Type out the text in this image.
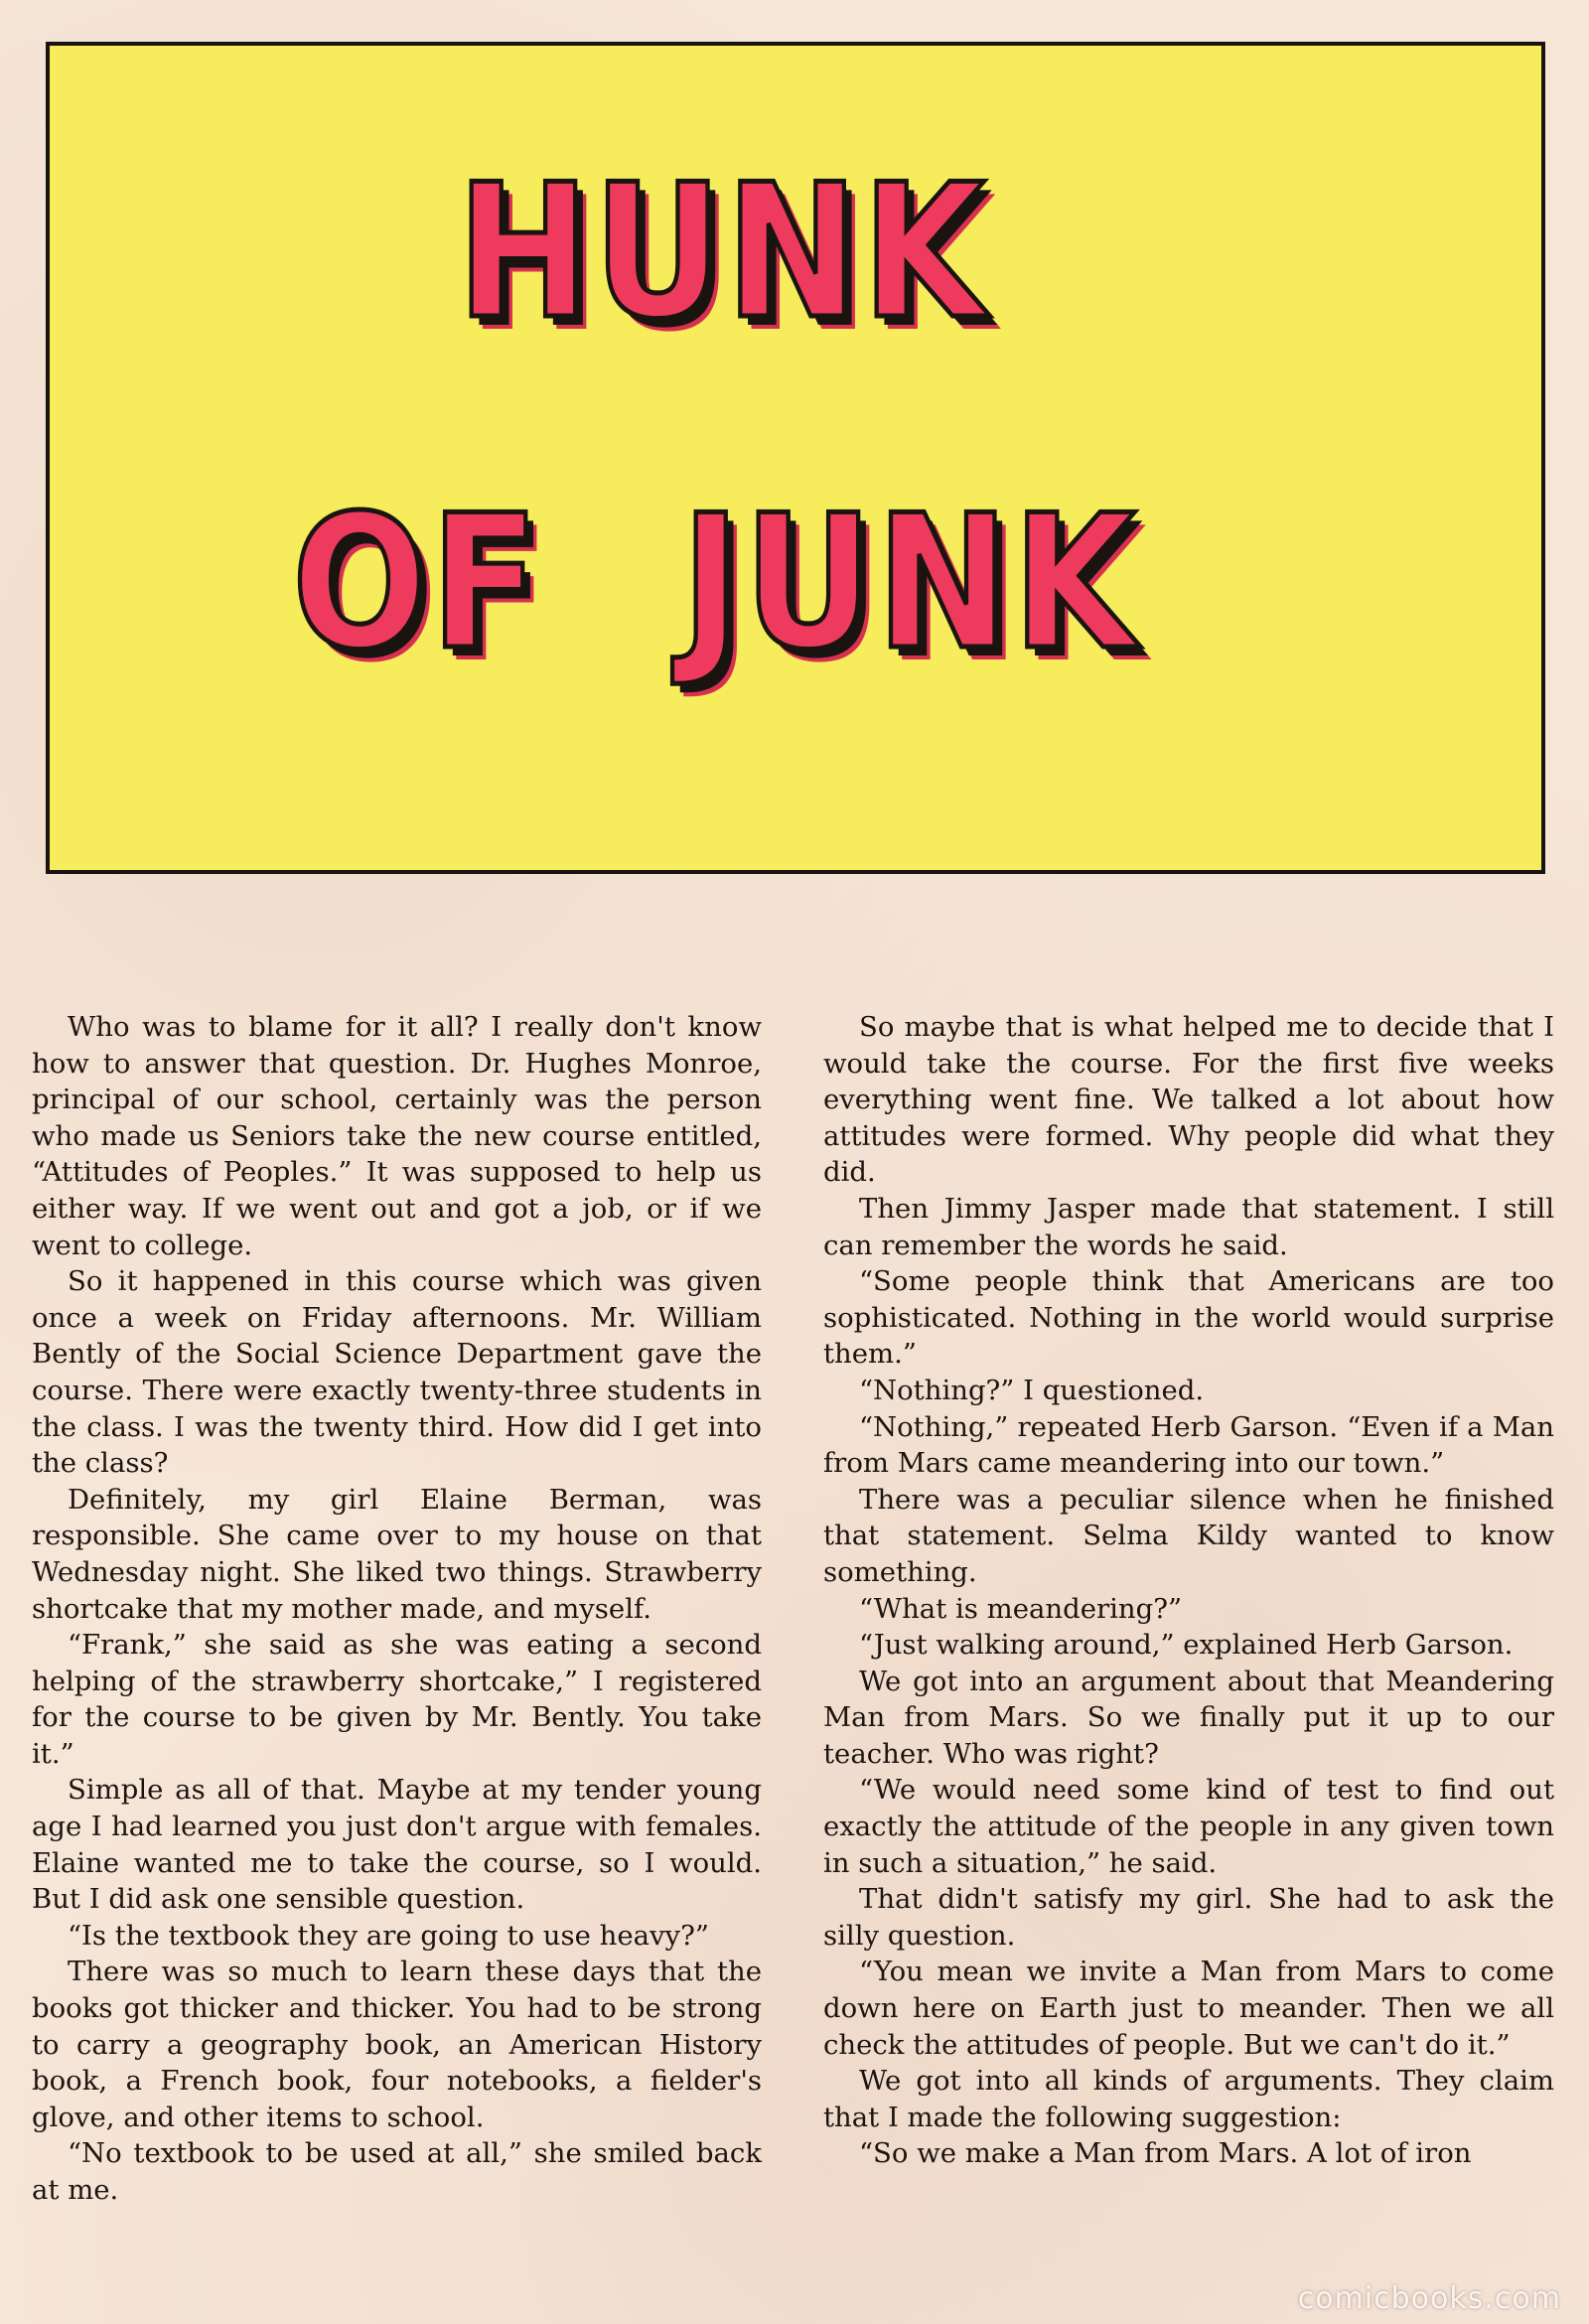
HUNK
OF JUNK

Who was to blame for it all? I really don't know how to answer that question. Dr. Hughes Monroe, principal of our school, certainly was the person who made us Seniors take the new course entitled, “Attitudes of Peoples.” It was supposed to help us either way. If we went out and got a job, or if we went to college.

So it happened in this course which was given once a week on Friday afternoons. Mr. William Bently of the Social Science Department gave the course. There were exactly twenty-three students in the class. I was the twenty third. How did I get into the class?

Definitely, my girl Elaine Berman, was responsible. She came over to my house on that Wednesday night. She liked two things. Strawberry shortcake that my mother made, and myself.

“Frank,” she said as she was eating a second helping of the strawberry shortcake,” I registered for the course to be given by Mr. Bently. You take it.”

Simple as all of that. Maybe at my tender young age I had learned you just don't argue with females. Elaine wanted me to take the course, so I would. But I did ask one sensible question.

“Is the textbook they are going to use heavy?”

There was so much to learn these days that the books got thicker and thicker. You had to be strong to carry a geography book, an American History book, a French book, four notebooks, a fielder's glove, and other items to school.

“No textbook to be used at all,” she smiled back at me.

So maybe that is what helped me to decide that I would take the course. For the first five weeks everything went fine. We talked a lot about how attitudes were formed. Why people did what they did.

Then Jimmy Jasper made that statement. I still can remember the words he said.

“Some people think that Americans are too sophisticated. Nothing in the world would surprise them.”

“Nothing?” I questioned.

“Nothing,” repeated Herb Garson. “Even if a Man from Mars came meandering into our town.”

There was a peculiar silence when he finished that statement. Selma Kildy wanted to know something.

“What is meandering?”

“Just walking around,” explained Herb Garson.

We got into an argument about that Meandering Man from Mars. So we finally put it up to our teacher. Who was right?

“We would need some kind of test to find out exactly the attitude of the people in any given town in such a situation,” he said.

That didn't satisfy my girl. She had to ask the silly question.

“You mean we invite a Man from Mars to come down here on Earth just to meander. Then we all check the attitudes of people. But we can't do it.”

We got into all kinds of arguments. They claim that I made the following suggestion:

“So we make a Man from Mars. A lot of iron

comicbooks.com
